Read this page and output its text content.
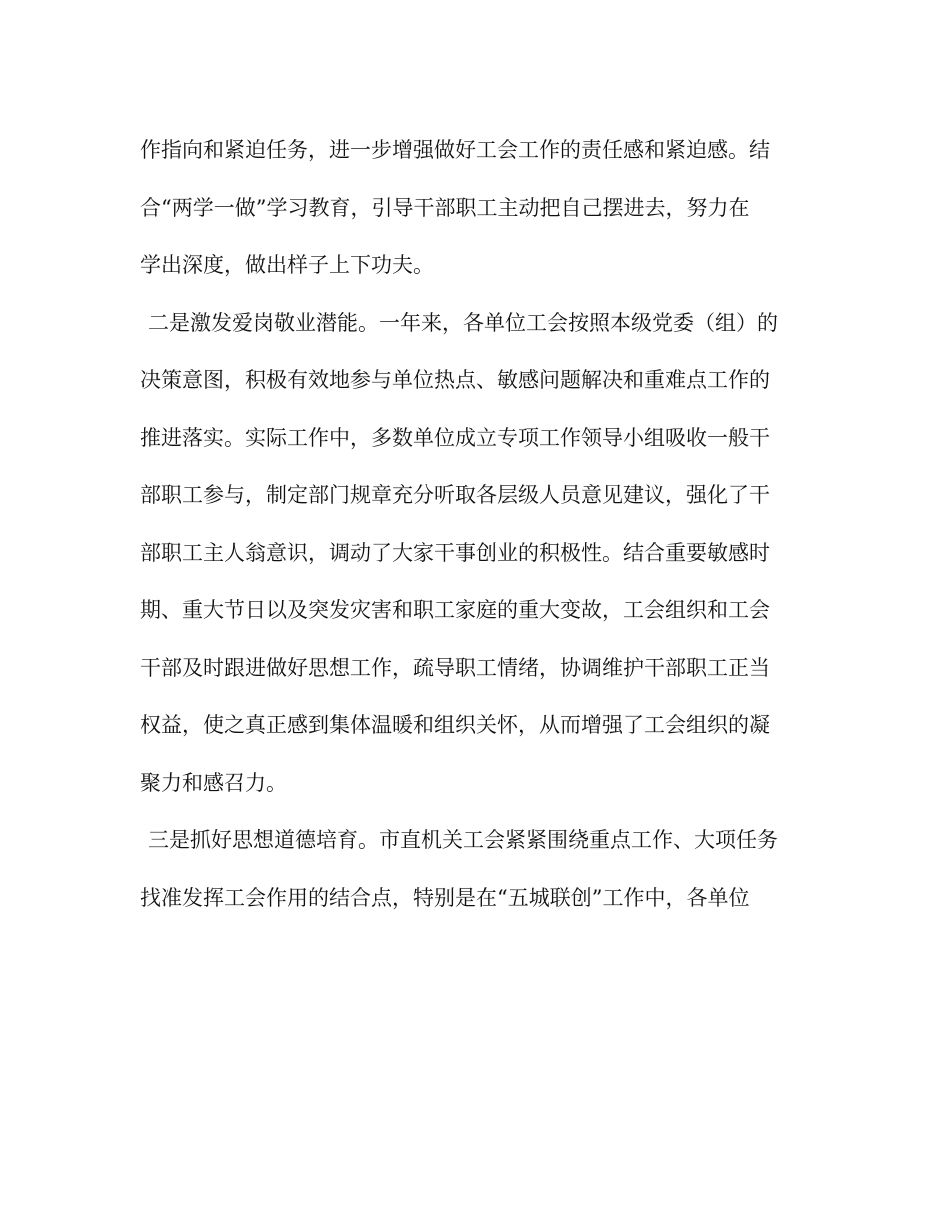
作指向和紧迫任务，进一步增强做好工会工作的责任感和紧迫感。结
合“两学一做”学习教育，引导干部职工主动把自己摆进去，努力在
学出深度，做出样子上下功夫。
二是激发爱岗敬业潜能。一年来，各单位工会按照本级党委（组）的
决策意图，积极有效地参与单位热点、敏感问题解决和重难点工作的
推进落实。实际工作中，多数单位成立专项工作领导小组吸收一般干
部职工参与，制定部门规章充分听取各层级人员意见建议，强化了干
部职工主人翁意识，调动了大家干事创业的积极性。结合重要敏感时
期、重大节日以及突发灾害和职工家庭的重大变故，工会组织和工会
干部及时跟进做好思想工作，疏导职工情绪，协调维护干部职工正当
权益，使之真正感到集体温暖和组织关怀，从而增强了工会组织的凝
聚力和感召力。
三是抓好思想道德培育。市直机关工会紧紧围绕重点工作、大项任务
找准发挥工会作用的结合点，特别是在“五城联创”工作中，各单位
